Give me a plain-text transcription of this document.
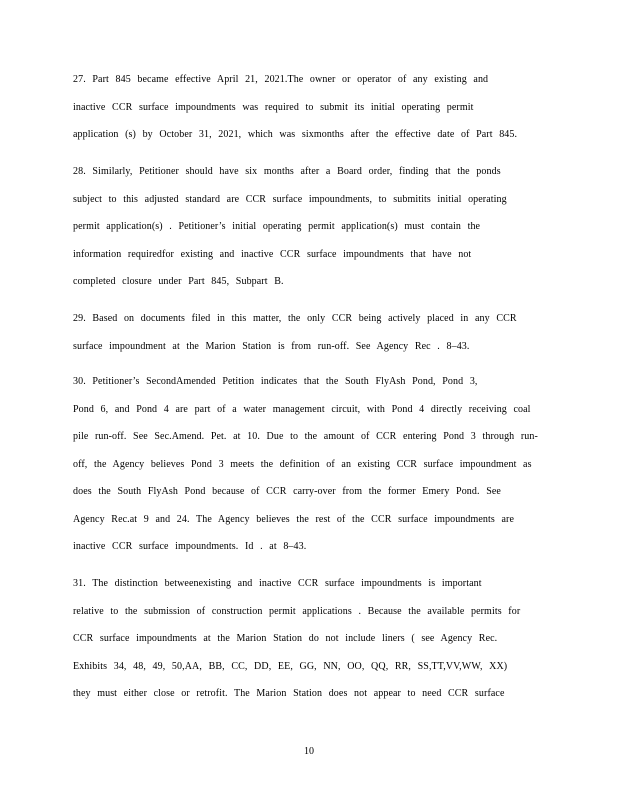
27. Part 845 became effective April 21, 2021.The owner or operator of any existing and
inactive CCR surface impoundments was required to submit its initial operating permit
application (s) by October 31, 2021, which was sixmonths after the effective date of Part 845.
28. Similarly, Petitioner should have six months after a Board order, finding that the ponds
subject to this adjusted standard are CCR surface impoundments, to submitits initial operating
permit application(s) . Petitioner’s initial operating permit application(s) must contain the
information requiredfor existing and inactive CCR surface impoundments that have not
completed closure under Part 845, Subpart B.
29. Based on documents filed in this matter, the only CCR being actively placed in any CCR
surface impoundment at the Marion Station is from run-off. See Agency Rec . 8–43.
30. Petitioner’s SecondAmended Petition indicates that the South FlyAsh Pond, Pond 3,
Pond 6, and Pond 4 are part of a water management circuit, with Pond 4 directly receiving coal
pile run-off. See Sec.Amend. Pet. at 10. Due to the amount of CCR entering Pond 3 through run-
off, the Agency believes Pond 3 meets the definition of an existing CCR surface impoundment as
does the South FlyAsh Pond because of CCR carry-over from the former Emery Pond. See
Agency Rec.at 9 and 24. The Agency believes the rest of the CCR surface impoundments are
inactive CCR surface impoundments. Id . at 8–43.
31. The distinction betweenexisting and inactive CCR surface impoundments is important
relative to the submission of construction permit applications . Because the available permits for
CCR surface impoundments at the Marion Station do not include liners ( see Agency Rec.
Exhibits 34, 48, 49, 50,AA, BB, CC, DD, EE, GG, NN, OO, QQ, RR, SS,TT,VV,WW, XX)
they must either close or retrofit. The Marion Station does not appear to need CCR surface
10
